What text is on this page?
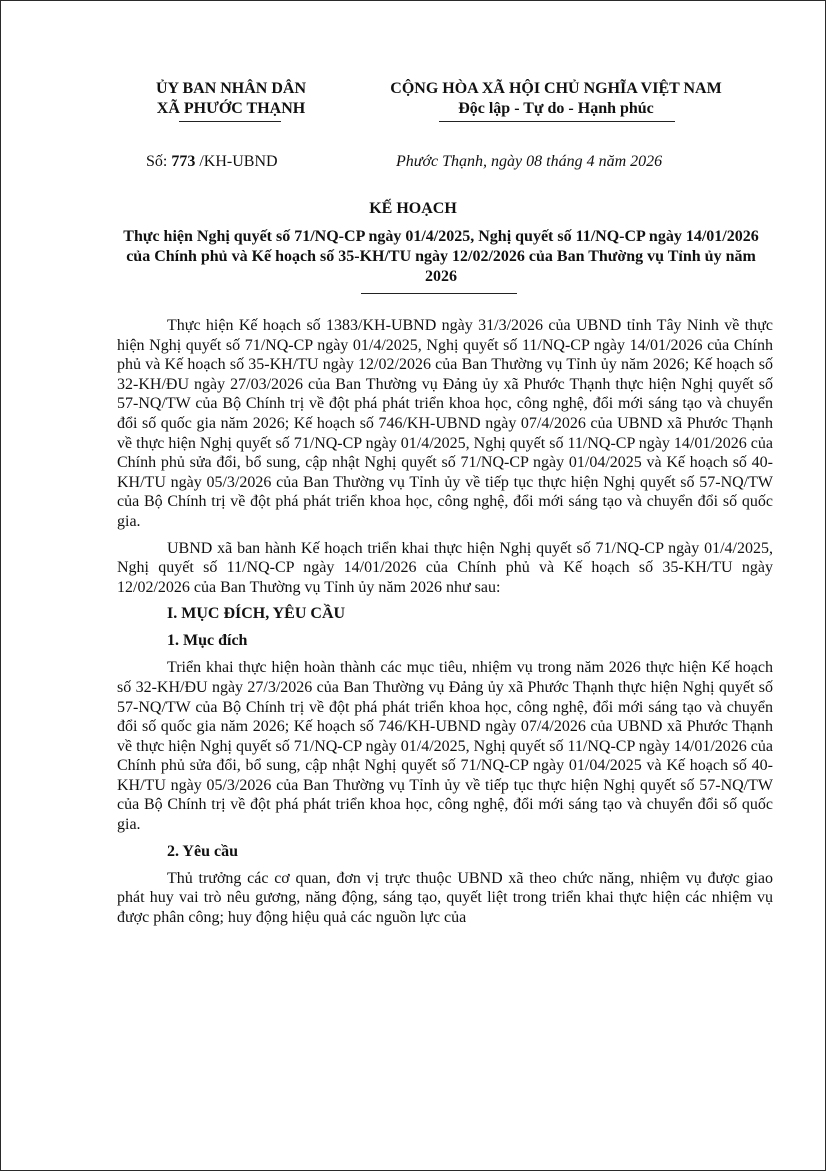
ỦY BAN NHÂN DÂN
XÃ PHƯỚC THẠNH
CỘNG HÒA XÃ HỘI CHỦ NGHĨA VIỆT NAM
Độc lập - Tự do - Hạnh phúc
Số: 773 /KH-UBND	Phước Thạnh, ngày 08 tháng 4 năm 2026
KẾ HOẠCH
Thực hiện Nghị quyết số 71/NQ-CP ngày 01/4/2025, Nghị quyết số 11/NQ-CP ngày 14/01/2026 của Chính phủ và Kế hoạch số 35-KH/TU ngày 12/02/2026 của Ban Thường vụ Tỉnh ủy năm 2026

Thực hiện Kế hoạch số 1383/KH-UBND ngày 31/3/2026 của UBND tỉnh Tây Ninh về thực hiện Nghị quyết số 71/NQ-CP ngày 01/4/2025, Nghị quyết số 11/NQ-CP ngày 14/01/2026 của Chính phủ và Kế hoạch số 35-KH/TU ngày 12/02/2026 của Ban Thường vụ Tỉnh ủy năm 2026; Kế hoạch số 32-KH/ĐU ngày 27/03/2026 của Ban Thường vụ Đảng ủy xã Phước Thạnh thực hiện Nghị quyết số 57-NQ/TW của Bộ Chính trị về đột phá phát triển khoa học, công nghệ, đổi mới sáng tạo và chuyển đổi số quốc gia năm 2026; Kế hoạch số 746/KH-UBND ngày 07/4/2026 của UBND xã Phước Thạnh về thực hiện Nghị quyết số 71/NQ-CP ngày 01/4/2025, Nghị quyết số 11/NQ-CP ngày 14/01/2026 của Chính phủ sửa đổi, bổ sung, cập nhật Nghị quyết số 71/NQ-CP ngày 01/04/2025 và Kế hoạch số 40-KH/TU ngày 05/3/2026 của Ban Thường vụ Tỉnh ủy về tiếp tục thực hiện Nghị quyết số 57-NQ/TW của Bộ Chính trị về đột phá phát triển khoa học, công nghệ, đổi mới sáng tạo và chuyển đổi số quốc gia.

UBND xã ban hành Kế hoạch triển khai thực hiện Nghị quyết số 71/NQ-CP ngày 01/4/2025, Nghị quyết số 11/NQ-CP ngày 14/01/2026 của Chính phủ và Kế hoạch số 35-KH/TU ngày 12/02/2026 của Ban Thường vụ Tỉnh ủy năm 2026 như sau:

I. MỤC ĐÍCH, YÊU CẦU
1. Mục đích

Triển khai thực hiện hoàn thành các mục tiêu, nhiệm vụ trong năm 2026 thực hiện Kế hoạch số 32-KH/ĐU ngày 27/3/2026 của Ban Thường vụ Đảng ủy xã Phước Thạnh thực hiện Nghị quyết số 57-NQ/TW của Bộ Chính trị về đột phá phát triển khoa học, công nghệ, đổi mới sáng tạo và chuyển đổi số quốc gia năm 2026; Kế hoạch số 746/KH-UBND ngày 07/4/2026 của UBND xã Phước Thạnh về thực hiện Nghị quyết số 71/NQ-CP ngày 01/4/2025, Nghị quyết số 11/NQ-CP ngày 14/01/2026 của Chính phủ sửa đổi, bổ sung, cập nhật Nghị quyết số 71/NQ-CP ngày 01/04/2025 và Kế hoạch số 40-KH/TU ngày 05/3/2026 của Ban Thường vụ Tỉnh ủy về tiếp tục thực hiện Nghị quyết số 57-NQ/TW của Bộ Chính trị về đột phá phát triển khoa học, công nghệ, đổi mới sáng tạo và chuyển đổi số quốc gia.

2. Yêu cầu

Thủ trưởng các cơ quan, đơn vị trực thuộc UBND xã theo chức năng, nhiệm vụ được giao phát huy vai trò nêu gương, năng động, sáng tạo, quyết liệt trong triển khai thực hiện các nhiệm vụ được phân công; huy động hiệu quả các nguồn lực của
